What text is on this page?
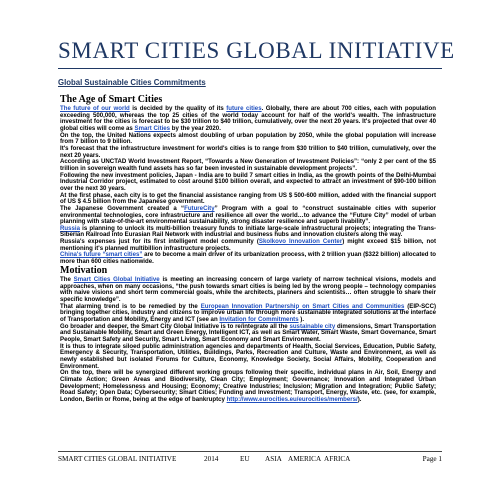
SMART CITIES GLOBAL INITIATIVE
Global Sustainable Cities Commitments
The Age of Smart Cities

The future of our world is decided by the quality of its future cities. Globally, there are about 700 cities, each with population exceeding 500,000, whereas the top 25 cities of the world today account for half of the world's wealth. The infrastructure investment for the cities is forecast to be $30 trillion to $40 trillion, cumulatively, over the next 20 years. It's projected that over 40 global cities will come as Smart Cities by the year 2020.

On the top, the United Nations expects almost doubling of urban population by 2050, while the global population will increase from 7 billion to 9 billion.

It's forecast that the infrastructure investment for world's cities is to range from $30 trillion to $40 trillion, cumulatively, over the next 20 years.

According as UNCTAD World Investment Report, “Towards a New Generation of Investment Policies”: “only 2 per cent of the $5 trillion in sovereign wealth fund assets has so far been invested in sustainable development projects”.

Following the new investment policies, Japan - India are to build 7 smart cities in India, as the growth points of the Delhi-Mumbai Industrial Corridor project, estimated to cost around $100 billion overall, and expected to attract an investment of $90-100 billion over the next 30 years.

At the first phase, each city is to get the financial assistance ranging from US $ 500-600 million, added with the financial support of US $ 4.5 billion from the Japanese government.

The Japanese Government created a “FutureCity” Program with a goal to “construct sustainable cities with superior environmental technologies, core infrastructure and resilience all over the world…to advance the “Future City” model of urban planning with state-of-the-art environmental sustainability, strong disaster resilience and superb livability”.

Russia is planning to unlock its multi-billion treasury funds to initiate large-scale infrastructural projects; integrating the Trans-Siberian Railroad into Eurasian Rail Network with industrial and business hubs and innovation clusters along the way.

Russia's expenses just for its first intelligent model community (Skolkovo Innovation Center) might exceed $15 billion, not mentioning it's planned multibillion infrastructure projects.

China's future “smart cities” are to become a main driver of its urbanization process, with 2 trillion yuan ($322 billion) allocated to more than 600 cities nationwide.

Motivation

The Smart Cities Global Initiative is meeting an increasing concern of large variety of narrow technical visions, models and approaches, when on many occasions, “the push towards smart cities is being led by the wrong people – technology companies with naive visions and short term commercial goals, while the architects, planners and scientists… often struggle to share their specific knowledge”.

That alarming trend is to be remedied by the European Innovation Partnership on Smart Cities and Communities (EIP-SCC) bringing together cities, industry and citizens to improve urban life through more sustainable integrated solutions at the interface of Transportation and Mobility, Energy and ICT (see an Invitation for Commitments ).

Go broader and deeper, the Smart City Global Initiative is to re/integrate all the sustainable city dimensions, Smart Transportation and Sustainable Mobility, Smart and Green Energy, Intelligent ICT, as well as Smart Water, Smart Waste, Smart Governance, Smart People, Smart Safety and Security, Smart Living, Smart Economy and Smart Environment.

It is thus to integrate siloed public administration agencies and departments of Health, Social Services, Education, Public Safety, Emergency & Security, Transportation, Utilities, Buildings, Parks, Recreation and Culture, Waste and Environment, as well as newly established but isolated Forums for Culture, Economy, Knowledge Society, Social Affairs, Mobility, Cooperation and Environment.

On the top, there will be synergized different working groups following their specific, individual plans in Air, Soil, Energy and Climate Action; Green Areas and Biodiversity, Clean City; Employment; Governance; Innovation and Integrated Urban Development; Homelessness and Housing; Economy; Creative Industries; Inclusion; Migration and Integration; Public Safety; Road Safety; Open Data; Cybersecurity; Smart Cities; Funding and Investment; Transport, Energy, Waste, etc. (see, for example, London, Berlin or Rome, being at the edge of bankruptcy http://www.eurocities.eu/eurocities/members/).

SMART CITIES GLOBAL INITIATIVE	2014	EU ASIA AMERICA AFRICA	Page 1
